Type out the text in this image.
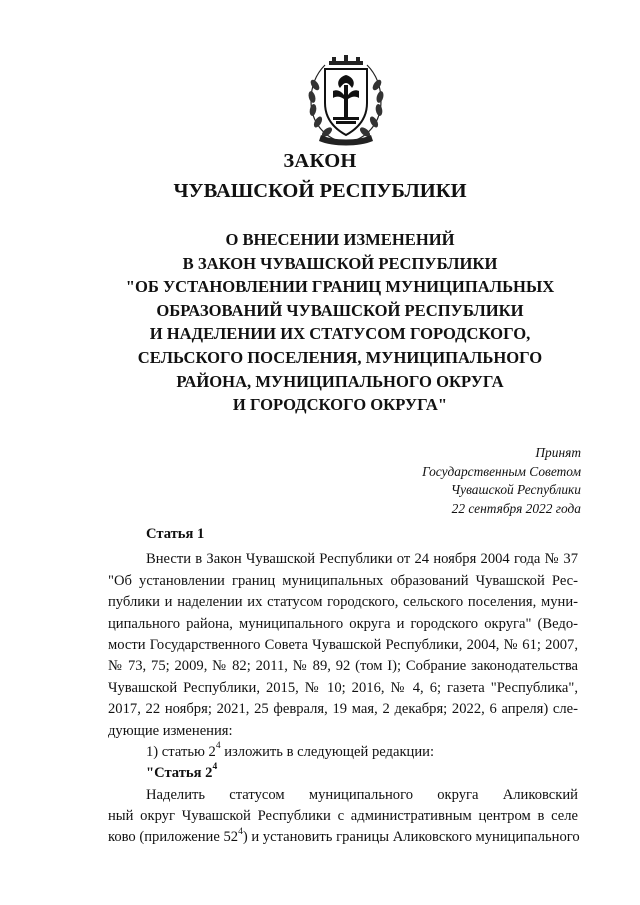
ЗАКОН
ЧУВАШСКОЙ РЕСПУБЛИКИ
О ВНЕСЕНИИ ИЗМЕНЕНИЙ
В ЗАКОН ЧУВАШСКОЙ РЕСПУБЛИКИ
"ОБ УСТАНОВЛЕНИИ ГРАНИЦ МУНИЦИПАЛЬНЫХ
ОБРАЗОВАНИЙ ЧУВАШСКОЙ РЕСПУБЛИКИ
И НАДЕЛЕНИИ ИХ СТАТУСОМ ГОРОДСКОГО,
СЕЛЬСКОГО ПОСЕЛЕНИЯ, МУНИЦИПАЛЬНОГО
РАЙОНА, МУНИЦИПАЛЬНОГО ОКРУГА
И ГОРОДСКОГО ОКРУГА"
Принят
Государственным Советом
Чувашской Республики
22 сентября 2022 года
Статья 1
Внести в Закон Чувашской Республики от 24 ноября 2004 года № 37
"Об установлении границ муниципальных образований Чувашской Рес-
публики и наделении их статусом городского, сельского поселения, муни-
ципального района, муниципального округа и городского округа" (Ведо-
мости Государственного Совета Чувашской Республики, 2004, № 61; 2007,
№ 73, 75; 2009, № 82; 2011, № 89, 92 (том I); Собрание законодательства
Чувашской Республики, 2015, № 10; 2016, № 4, 6; газета "Республика",
2017, 22 ноября; 2021, 25 февраля, 19 мая, 2 декабря; 2022, 6 апреля) сле-
дующие изменения:
1) статью $2^4$ изложить в следующей редакции:
"Статья $2^4$
Наделить статусом муниципального округа Аликовский
ный округ Чувашской Республики с административным центром в селе
ково (приложение $52^4$) и установить границы Аликовского муниципального
